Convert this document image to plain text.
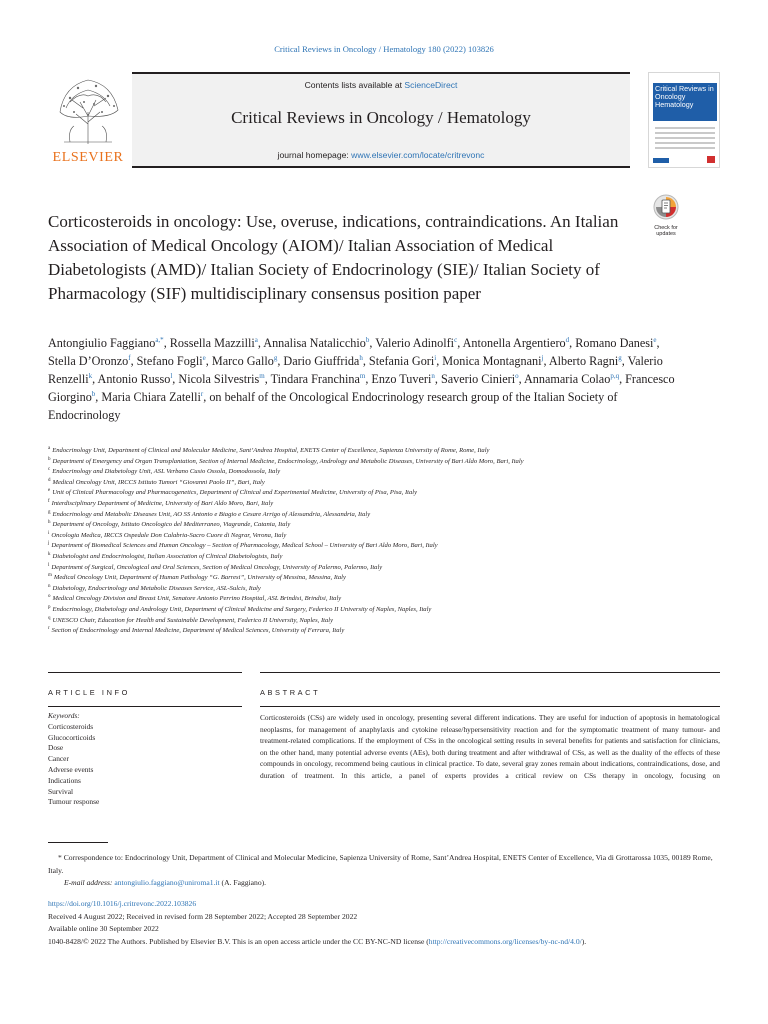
Critical Reviews in Oncology / Hematology 180 (2022) 103826
ELSEVIER
Contents lists available at ScienceDirect
Critical Reviews in Oncology / Hematology
journal homepage: www.elsevier.com/locate/critrevonc
Critical Reviews in Oncology Hematology
Corticosteroids in oncology: Use, overuse, indications, contraindications. An Italian Association of Medical Oncology (AIOM)/ Italian Association of Medical Diabetologists (AMD)/ Italian Society of Endocrinology (SIE)/ Italian Society of Pharmacology (SIF) multidisciplinary consensus position paper
Check for
updates
Antongiulio Faggiano$^{a,*}$, Rossella Mazzilli$^a$, Annalisa Natalicchio$^b$, Valerio Adinolfi$^c$, Antonella Argentiero$^d$, Romano Danesi$^e$, Stella D’Oronzo$^f$, Stefano Fogli$^e$, Marco Gallo$^g$, Dario Giuffrida$^h$, Stefania Gori$^i$, Monica Montagnani$^j$, Alberto Ragni$^g$, Valerio Renzelli$^k$, Antonio Russo$^l$, Nicola Silvestris$^m$, Tindara Franchina$^m$, Enzo Tuveri$^n$, Saverio Cinieri$^o$, Annamaria Colao$^{p,q}$, Francesco Giorgino$^b$, Maria Chiara Zatelli$^r$, on behalf of the Oncological Endocrinology research group of the Italian Society of Endocrinology
$^a$ Endocrinology Unit, Department of Clinical and Molecular Medicine, Sant’Andrea Hospital, ENETS Center of Excellence, Sapienza University of Rome, Rome, Italy
$^b$ Department of Emergency and Organ Transplantation, Section of Internal Medicine, Endocrinology, Andrology and Metabolic Diseases, University of Bari Aldo Moro, Bari, Italy
$^c$ Endocrinology and Diabetology Unit, ASL Verbano Cusio Ossola, Domodossola, Italy
$^d$ Medical Oncology Unit, IRCCS Istituto Tumori “Giovanni Paolo II”, Bari, Italy
$^e$ Unit of Clinical Pharmacology and Pharmacogenetics, Department of Clinical and Experimental Medicine, University of Pisa, Pisa, Italy
$^f$ Interdisciplinary Department of Medicine, University of Bari Aldo Moro, Bari, Italy
$^g$ Endocrinology and Metabolic Diseases Unit, AO SS Antonio e Biagio e Cesare Arrigo of Alessandria, Alessandria, Italy
$^h$ Department of Oncology, Istituto Oncologico del Mediterraneo, Viagrande, Catania, Italy
$^i$ Oncologia Medica, IRCCS Ospedale Don Calabria-Sacro Cuore di Negrar, Verona, Italy
$^j$ Department of Biomedical Sciences and Human Oncology – Section of Pharmacology, Medical School – University of Bari Aldo Moro, Bari, Italy
$^k$ Diabetologist and Endocrinologist, Italian Association of Clinical Diabetologists, Italy
$^l$ Department of Surgical, Oncological and Oral Sciences, Section of Medical Oncology, University of Palermo, Palermo, Italy
$^m$ Medical Oncology Unit, Department of Human Pathology “G. Barresi”, University of Messina, Messina, Italy
$^n$ Diabetology, Endocrinology and Metabolic Diseases Service, ASL-Sulcis, Italy
$^o$ Medical Oncology Division and Breast Unit, Senatore Antonio Perrino Hospital, ASL Brindisi, Brindisi, Italy
$^p$ Endocrinology, Diabetology and Andrology Unit, Department of Clinical Medicine and Surgery, Federico II University of Naples, Naples, Italy
$^q$ UNESCO Chair, Education for Health and Sustainable Development, Federico II University, Naples, Italy
$^r$ Section of Endocrinology and Internal Medicine, Department of Medical Sciences, University of Ferrara, Italy
ARTICLE INFO	ABSTRACT
Keywords:
Corticosteroids
Glucocorticoids
Dose
Cancer
Adverse events
Indications
Survival
Tumour response
Corticosteroids (CSs) are widely used in oncology, presenting several different indications. They are useful for induction of apoptosis in hematological neoplasms, for management of anaphylaxis and cytokine release/hypersensitivity reaction and for the symptomatic treatment of many tumour- and treatment-related complications. If the employment of CSs in the oncological setting results in several benefits for patients and satisfaction for clinicians, on the other hand, many potential adverse events (AEs), both during treatment and after withdrawal of CSs, as well as the duality of the effects of these compounds in oncology, recommend being cautious in clinical practice. To date, several gray zones remain about indications, contraindications, dose, and duration of treatment. In this article, a panel of experts provides a critical review on CSs therapy in oncology, focusing on
* Correspondence to: Endocrinology Unit, Department of Clinical and Molecular Medicine, Sapienza University of Rome, Sant’Andrea Hospital, ENETS Center of Excellence, Via di Grottarossa 1035, 00189 Rome, Italy.
E-mail address: antongiulio.faggiano@uniroma1.it (A. Faggiano).
https://doi.org/10.1016/j.critrevonc.2022.103826
Received 4 August 2022; Received in revised form 28 September 2022; Accepted 28 September 2022
Available online 30 September 2022
1040-8428/© 2022 The Authors. Published by Elsevier B.V. This is an open access article under the CC BY-NC-ND license (http://creativecommons.org/licenses/by-nc-nd/4.0/).
